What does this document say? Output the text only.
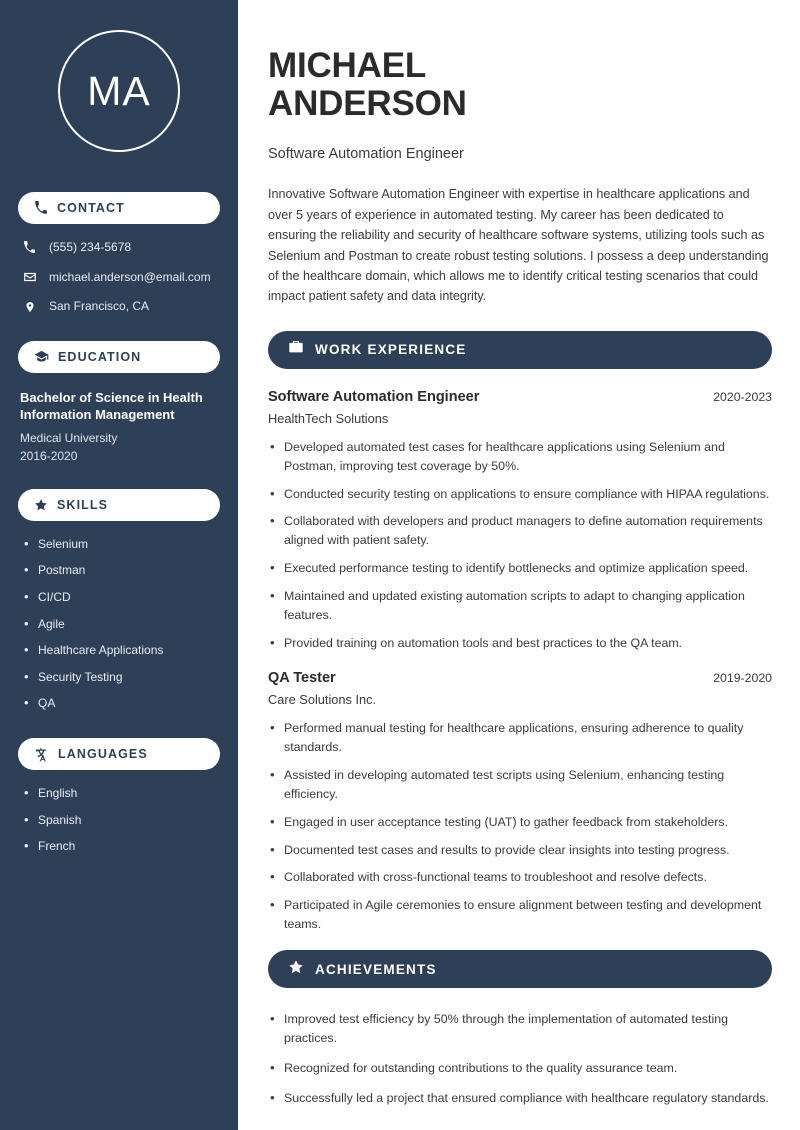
MA
CONTACT
(555) 234-5678
michael.anderson@email.com
San Francisco, CA
EDUCATION
Bachelor of Science in Health Information Management
Medical University
2016-2020
SKILLS
• Selenium
• Postman
• CI/CD
• Agile
• Healthcare Applications
• Security Testing
• QA
LANGUAGES
• English
• Spanish
• French
MICHAEL
ANDERSON
Software Automation Engineer

Innovative Software Automation Engineer with expertise in healthcare applications and over 5 years of experience in automated testing. My career has been dedicated to ensuring the reliability and security of healthcare software systems, utilizing tools such as Selenium and Postman to create robust testing solutions. I possess a deep understanding of the healthcare domain, which allows me to identify critical testing scenarios that could impact patient safety and data integrity.

WORK EXPERIENCE
Software Automation Engineer	2020-2023
HealthTech Solutions
• Developed automated test cases for healthcare applications using Selenium and Postman, improving test coverage by 50%.
• Conducted security testing on applications to ensure compliance with HIPAA regulations.
• Collaborated with developers and product managers to define automation requirements aligned with patient safety.
• Executed performance testing to identify bottlenecks and optimize application speed.
• Maintained and updated existing automation scripts to adapt to changing application features.
• Provided training on automation tools and best practices to the QA team.
QA Tester	2019-2020
Care Solutions Inc.
• Performed manual testing for healthcare applications, ensuring adherence to quality standards.
• Assisted in developing automated test scripts using Selenium, enhancing testing efficiency.
• Engaged in user acceptance testing (UAT) to gather feedback from stakeholders.
• Documented test cases and results to provide clear insights into testing progress.
• Collaborated with cross-functional teams to troubleshoot and resolve defects.
• Participated in Agile ceremonies to ensure alignment between testing and development teams.
ACHIEVEMENTS
• Improved test efficiency by 50% through the implementation of automated testing practices.
• Recognized for outstanding contributions to the quality assurance team.
• Successfully led a project that ensured compliance with healthcare regulatory standards.
